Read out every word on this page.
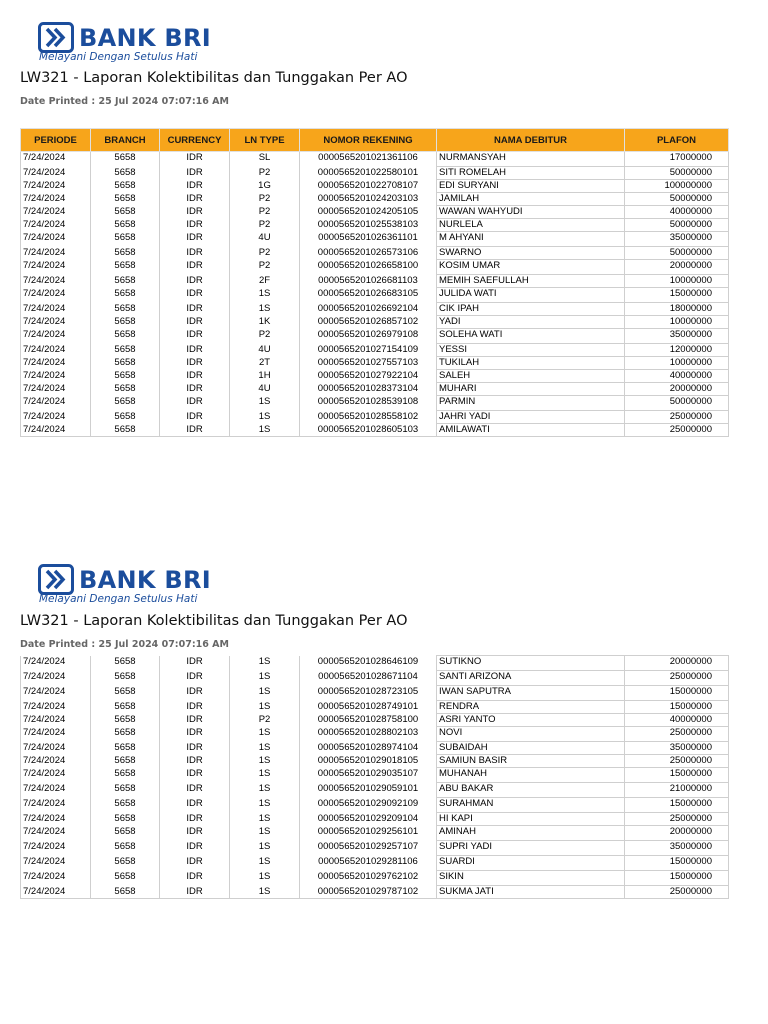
BANK BRI
Melayani Dengan Setulus Hati
LW321 - Laporan Kolektibilitas dan Tunggakan Per AO
Date Printed : 25 Jul 2024 07:07:16 AM
PERIODE	BRANCH	CURRENCY	LN TYPE	NOMOR REKENING	NAMA DEBITUR	PLAFON
7/24/2024	5658	IDR	SL	0000565201021361106	NURMANSYAH	17000000
7/24/2024	5658	IDR	P2	0000565201022580101	SITI ROMELAH	50000000
7/24/2024	5658	IDR	1G	0000565201022708107	EDI SURYANI	100000000
7/24/2024	5658	IDR	P2	0000565201024203103	JAMILAH	50000000
7/24/2024	5658	IDR	P2	0000565201024205105	WAWAN WAHYUDI	40000000
7/24/2024	5658	IDR	P2	0000565201025538103	NURLELA	50000000
7/24/2024	5658	IDR	4U	0000565201026361101	M AHYANI	35000000
7/24/2024	5658	IDR	P2	0000565201026573106	SWARNO	50000000
7/24/2024	5658	IDR	P2	0000565201026658100	KOSIM UMAR	20000000
7/24/2024	5658	IDR	2F	0000565201026681103	MEMIH SAEFULLAH	10000000
7/24/2024	5658	IDR	1S	0000565201026683105	JULIDA WATI	15000000
7/24/2024	5658	IDR	1S	0000565201026692104	CIK IPAH	18000000
7/24/2024	5658	IDR	1K	0000565201026857102	YADI	10000000
7/24/2024	5658	IDR	P2	0000565201026979108	SOLEHA WATI	35000000
7/24/2024	5658	IDR	4U	0000565201027154109	YESSI	12000000
7/24/2024	5658	IDR	2T	0000565201027557103	TUKILAH	10000000
7/24/2024	5658	IDR	1H	0000565201027922104	SALEH	40000000
7/24/2024	5658	IDR	4U	0000565201028373104	MUHARI	20000000
7/24/2024	5658	IDR	1S	0000565201028539108	PARMIN	50000000
7/24/2024	5658	IDR	1S	0000565201028558102	JAHRI YADI	25000000
7/24/2024	5658	IDR	1S	0000565201028605103	AMILAWATI	25000000
BANK BRI
Melayani Dengan Setulus Hati
LW321 - Laporan Kolektibilitas dan Tunggakan Per AO
Date Printed : 25 Jul 2024 07:07:16 AM
7/24/2024	5658	IDR	1S	0000565201028646109	SUTIKNO	20000000
7/24/2024	5658	IDR	1S	0000565201028671104	SANTI ARIZONA	25000000
7/24/2024	5658	IDR	1S	0000565201028723105	IWAN SAPUTRA	15000000
7/24/2024	5658	IDR	1S	0000565201028749101	RENDRA	15000000
7/24/2024	5658	IDR	P2	0000565201028758100	ASRI YANTO	40000000
7/24/2024	5658	IDR	1S	0000565201028802103	NOVI	25000000
7/24/2024	5658	IDR	1S	0000565201028974104	SUBAIDAH	35000000
7/24/2024	5658	IDR	1S	0000565201029018105	SAMIUN BASIR	25000000
7/24/2024	5658	IDR	1S	0000565201029035107	MUHANAH	15000000
7/24/2024	5658	IDR	1S	0000565201029059101	ABU BAKAR	21000000
7/24/2024	5658	IDR	1S	0000565201029092109	SURAHMAN	15000000
7/24/2024	5658	IDR	1S	0000565201029209104	HI KAPI	25000000
7/24/2024	5658	IDR	1S	0000565201029256101	AMINAH	20000000
7/24/2024	5658	IDR	1S	0000565201029257107	SUPRI YADI	35000000
7/24/2024	5658	IDR	1S	0000565201029281106	SUARDI	15000000
7/24/2024	5658	IDR	1S	0000565201029762102	SIKIN	15000000
7/24/2024	5658	IDR	1S	0000565201029787102	SUKMA JATI	25000000
